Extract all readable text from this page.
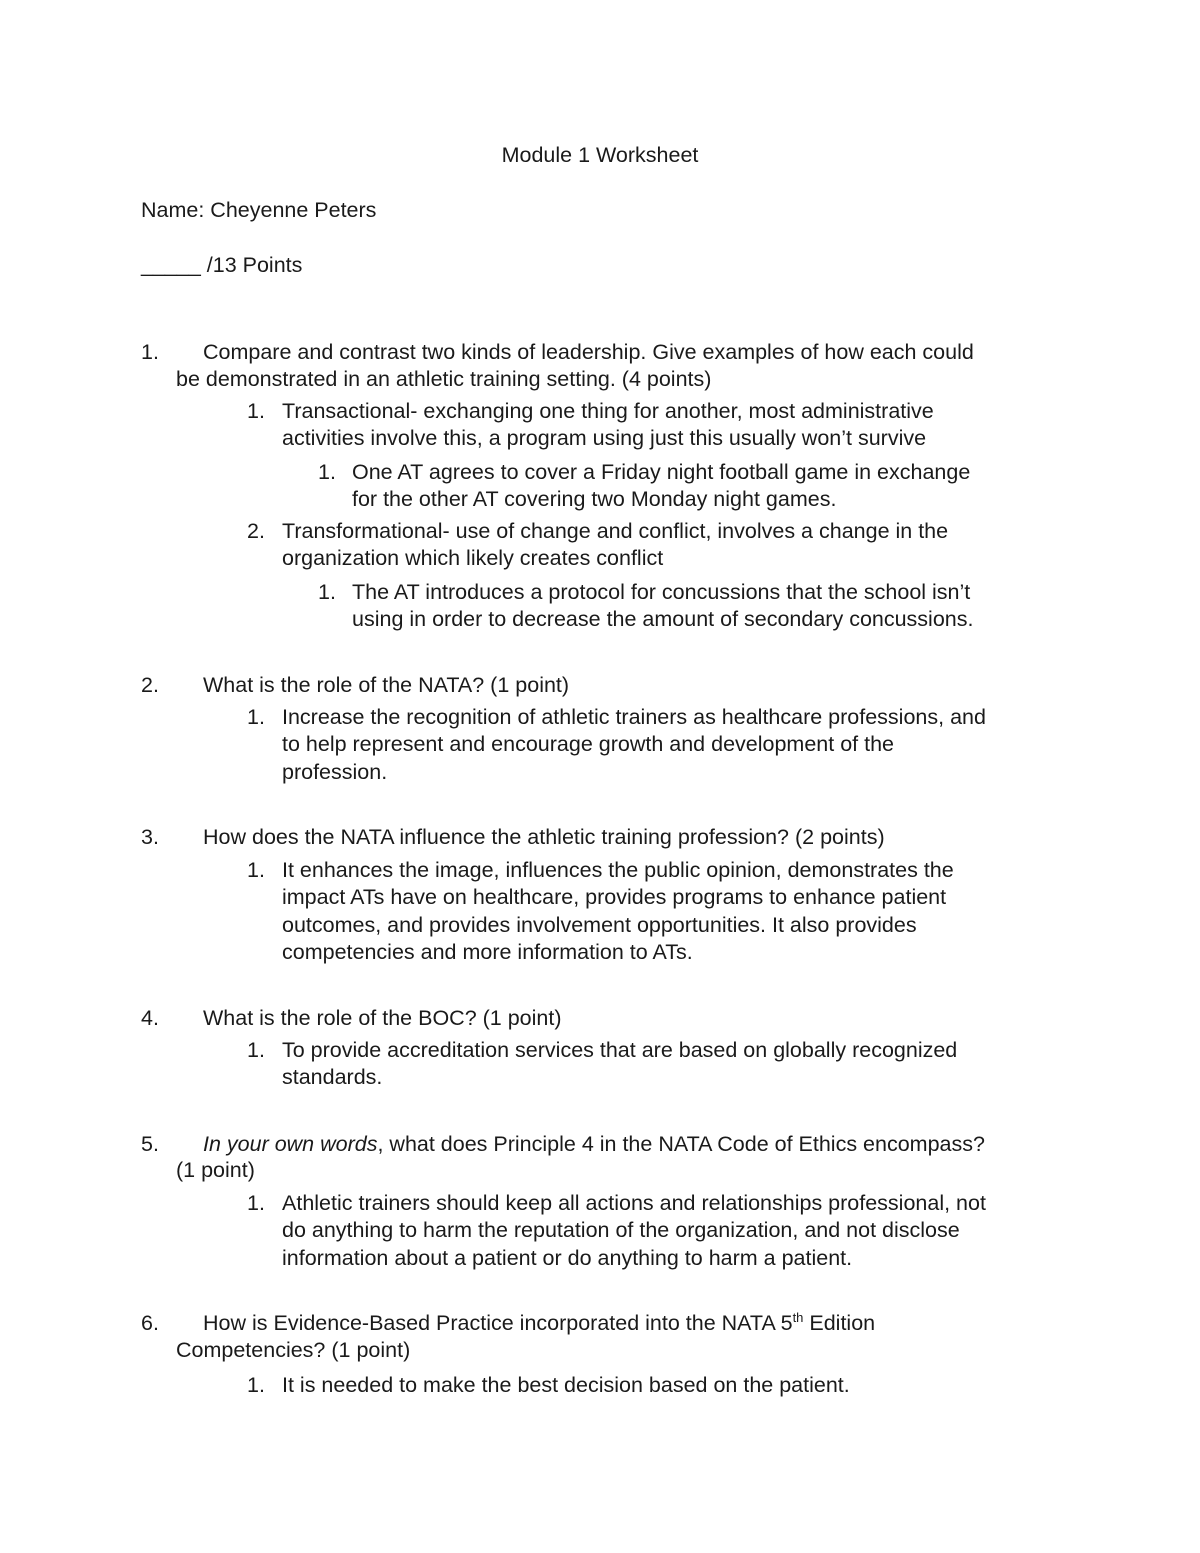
Module 1 Worksheet
Name: Cheyenne Peters
_____ /13 Points
1. Compare and contrast two kinds of leadership. Give examples of how each could
be demonstrated in an athletic training setting. (4 points)
1. Transactional- exchanging one thing for another, most administrative
activities involve this, a program using just this usually won’t survive
1. One AT agrees to cover a Friday night football game in exchange
for the other AT covering two Monday night games.
2. Transformational- use of change and conflict, involves a change in the
organization which likely creates conflict
1. The AT introduces a protocol for concussions that the school isn’t
using in order to decrease the amount of secondary concussions.
2. What is the role of the NATA? (1 point)
1. Increase the recognition of athletic trainers as healthcare professions, and
to help represent and encourage growth and development of the
profession.
3. How does the NATA influence the athletic training profession? (2 points)
1. It enhances the image, influences the public opinion, demonstrates the
impact ATs have on healthcare, provides programs to enhance patient
outcomes, and provides involvement opportunities. It also provides
competencies and more information to ATs.
4. What is the role of the BOC? (1 point)
1. To provide accreditation services that are based on globally recognized
standards.
5. In your own words, what does Principle 4 in the NATA Code of Ethics encompass?
(1 point)
1. Athletic trainers should keep all actions and relationships professional, not
do anything to harm the reputation of the organization, and not disclose
information about a patient or do anything to harm a patient.
6. How is Evidence-Based Practice incorporated into the NATA 5th Edition
Competencies? (1 point)
1. It is needed to make the best decision based on the patient.
